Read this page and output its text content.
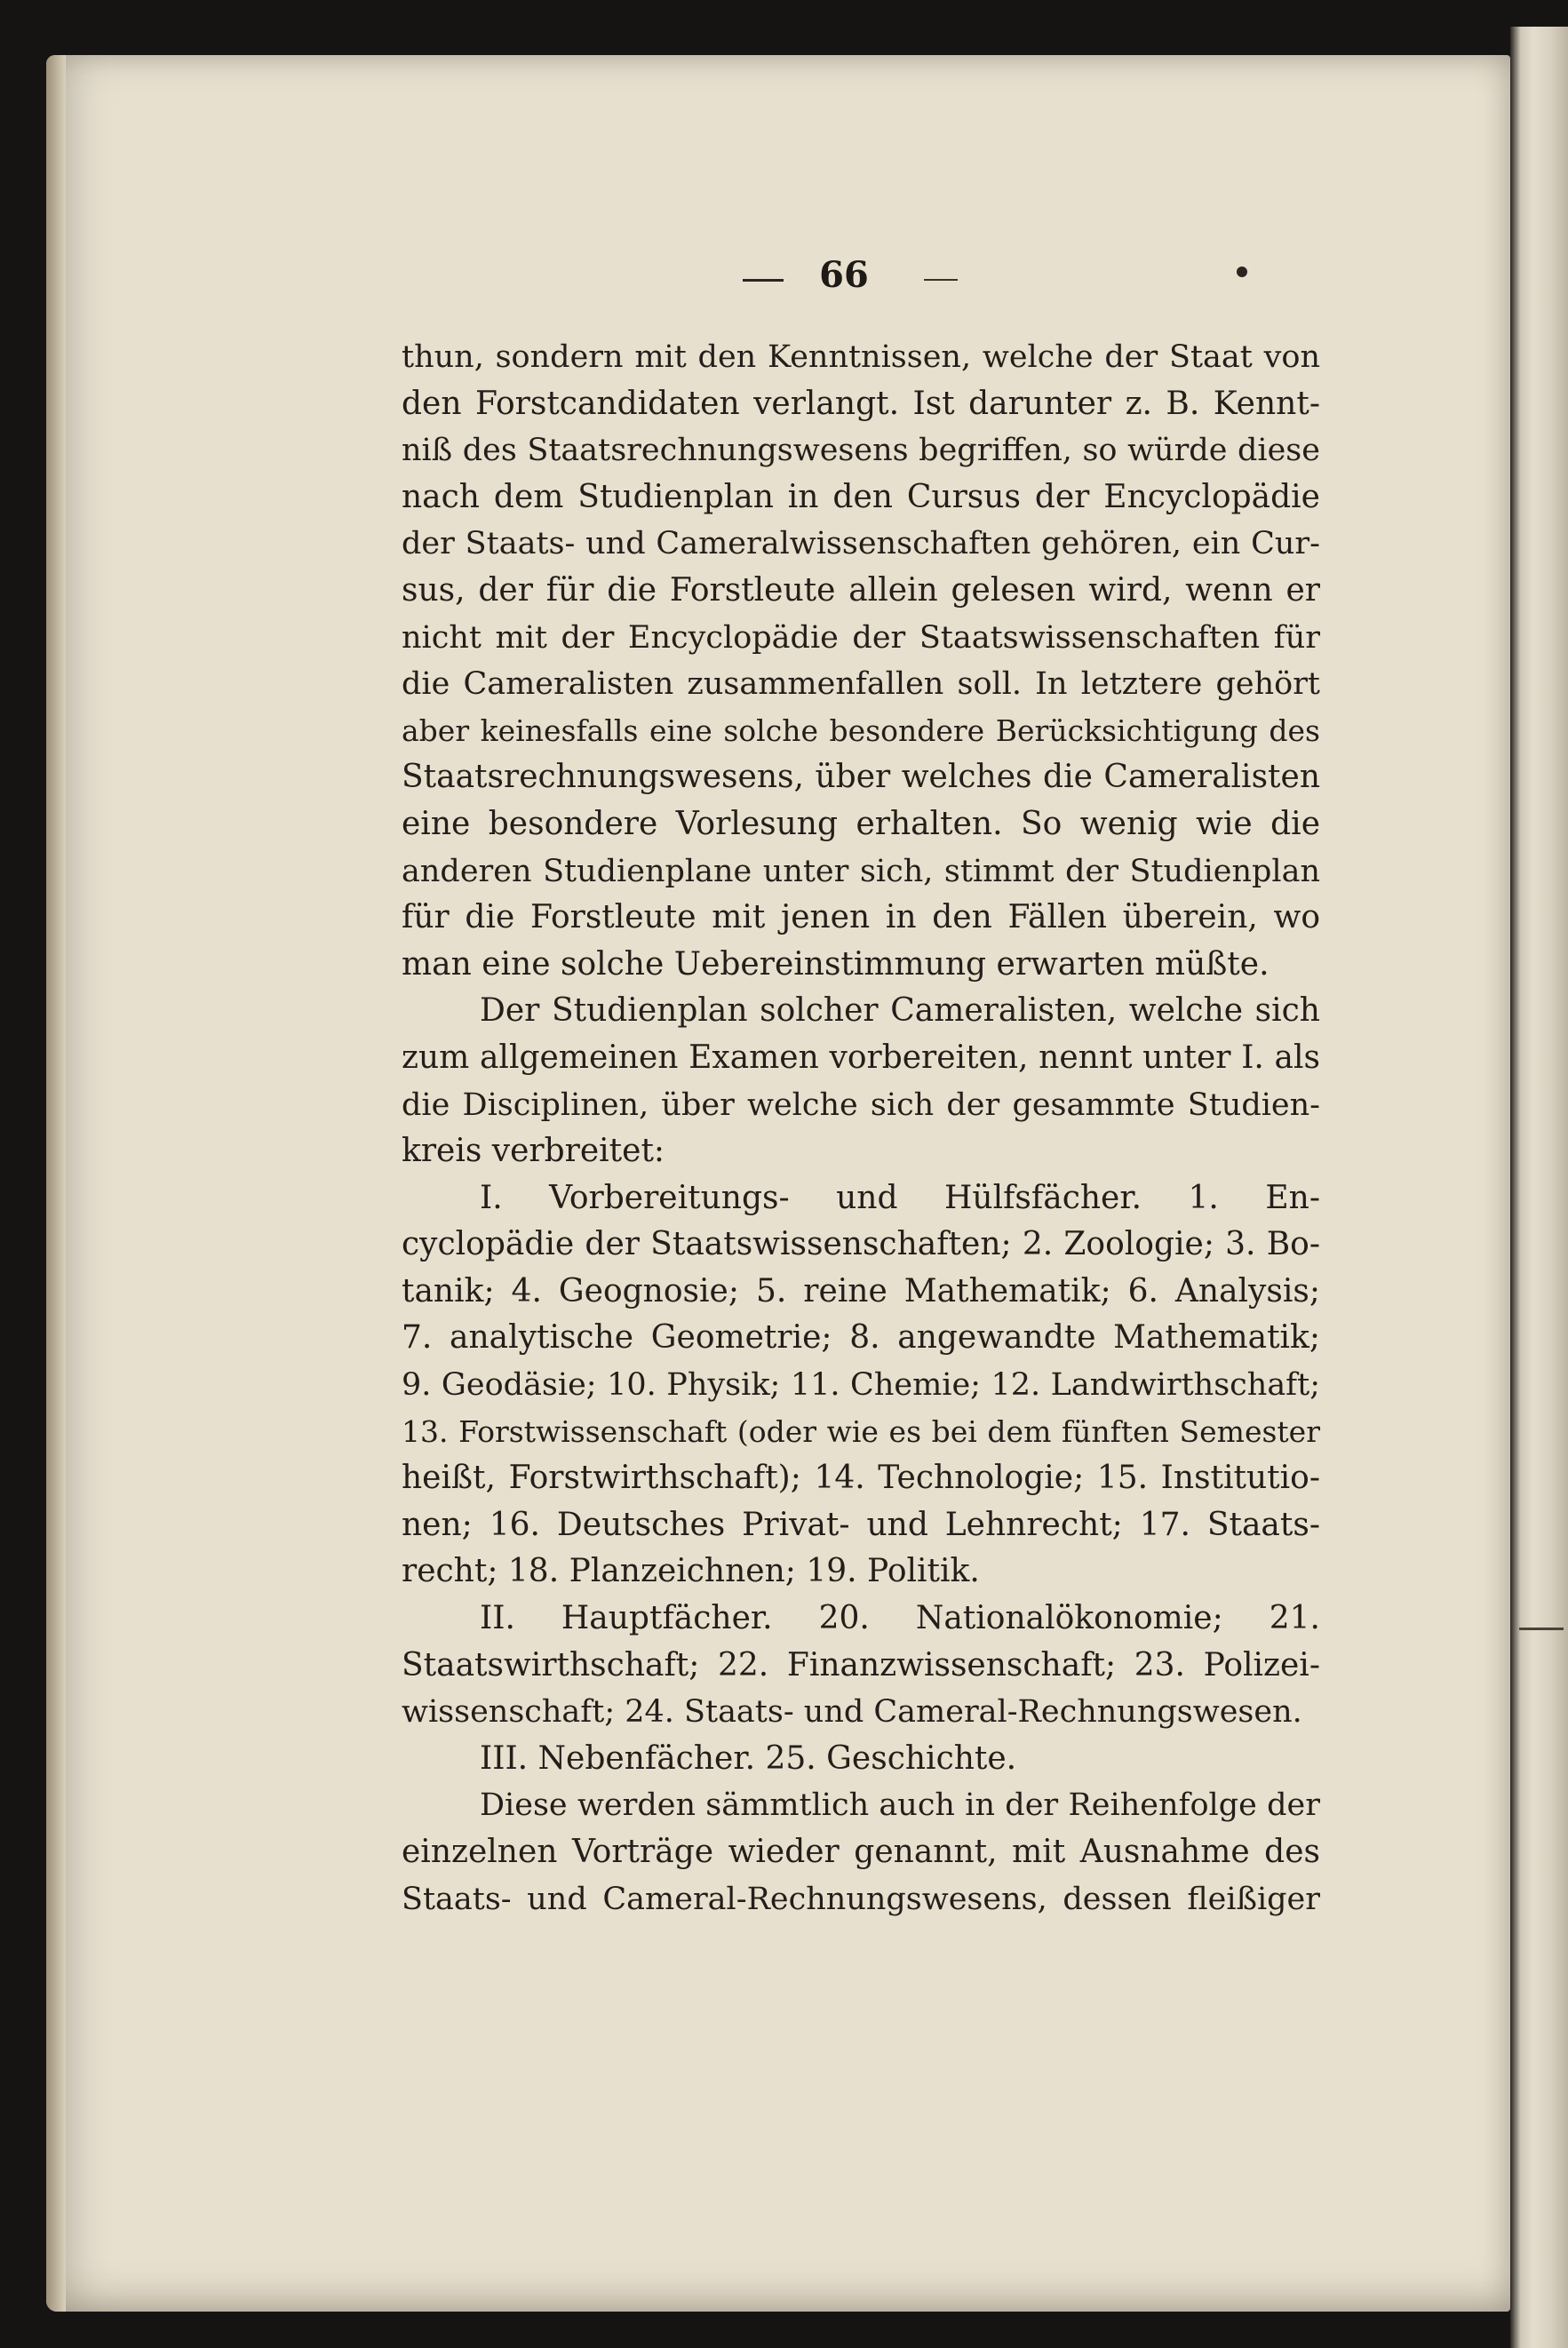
66
thun, sondern mit den Kenntnissen, welche der Staat von
den Forstcandidaten verlangt. Ist darunter z. B. Kennt-
niß des Staatsrechnungswesens begriffen, so würde diese
nach dem Studienplan in den Cursus der Encyclopädie
der Staats- und Cameralwissenschaften gehören, ein Cur-
sus, der für die Forstleute allein gelesen wird, wenn er
nicht mit der Encyclopädie der Staatswissenschaften für
die Cameralisten zusammenfallen soll. In letztere gehört
aber keinesfalls eine solche besondere Berücksichtigung des
Staatsrechnungswesens, über welches die Cameralisten
eine besondere Vorlesung erhalten. So wenig wie die
anderen Studienplane unter sich, stimmt der Studienplan
für die Forstleute mit jenen in den Fällen überein, wo
man eine solche Uebereinstimmung erwarten müßte.
Der Studienplan solcher Cameralisten, welche sich
zum allgemeinen Examen vorbereiten, nennt unter I. als
die Disciplinen, über welche sich der gesammte Studien-
kreis verbreitet:
I. Vorbereitungs- und Hülfsfächer. 1. En-
cyclopädie der Staatswissenschaften; 2. Zoologie; 3. Bo-
tanik; 4. Geognosie; 5. reine Mathematik; 6. Analysis;
7. analytische Geometrie; 8. angewandte Mathematik;
9. Geodäsie; 10. Physik; 11. Chemie; 12. Landwirthschaft;
13. Forstwissenschaft (oder wie es bei dem fünften Semester
heißt, Forstwirthschaft); 14. Technologie; 15. Institutio-
nen; 16. Deutsches Privat- und Lehnrecht; 17. Staats-
recht; 18. Planzeichnen; 19. Politik.
II. Hauptfächer. 20. Nationalökonomie; 21.
Staatswirthschaft; 22. Finanzwissenschaft; 23. Polizei-
wissenschaft; 24. Staats- und Cameral-Rechnungswesen.
III. Nebenfächer. 25. Geschichte.
Diese werden sämmtlich auch in der Reihenfolge der
einzelnen Vorträge wieder genannt, mit Ausnahme des
Staats- und Cameral-Rechnungswesens, dessen fleißiger
